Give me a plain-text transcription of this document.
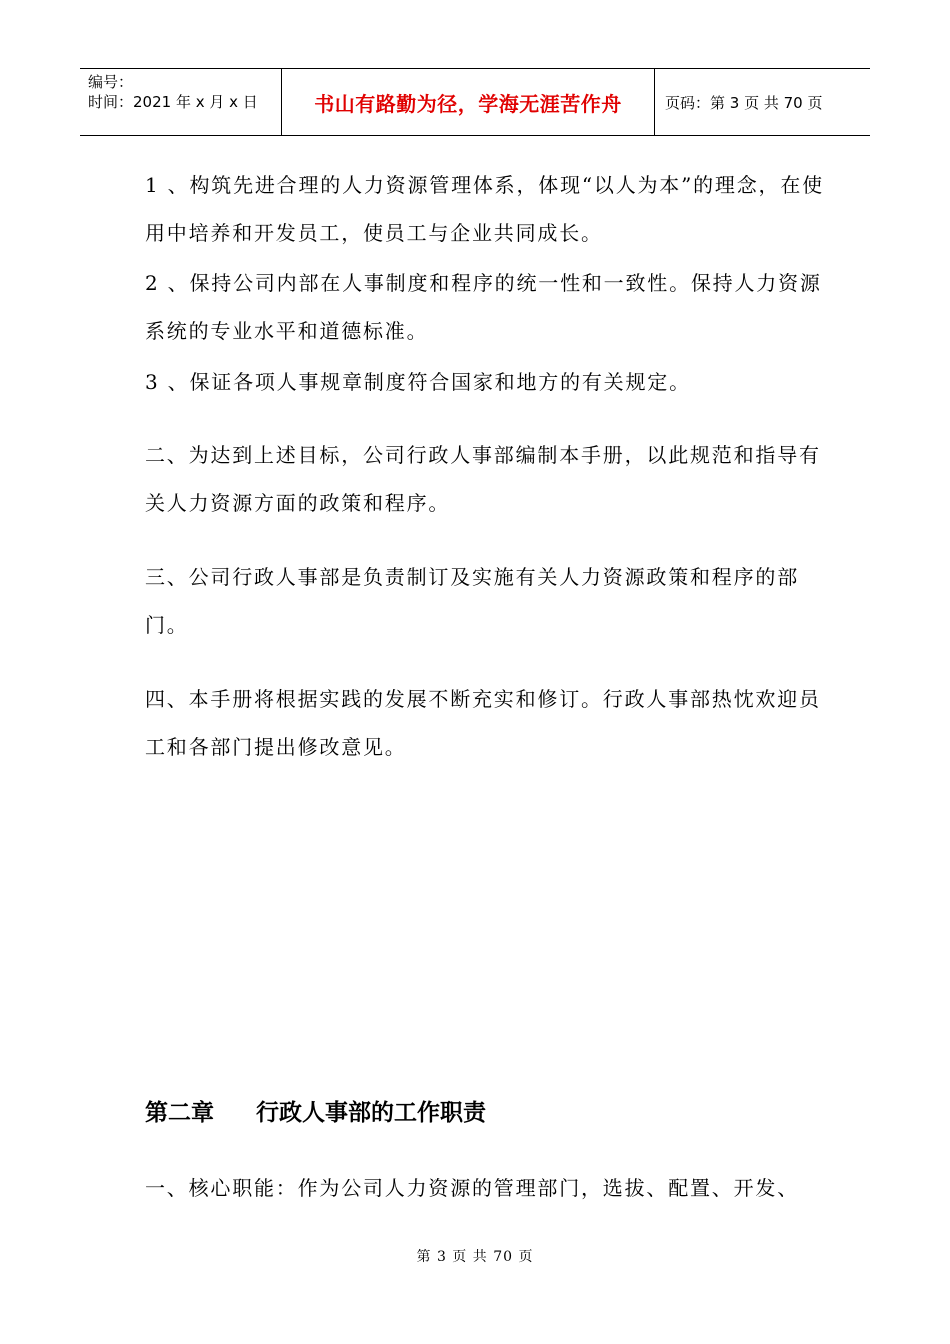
编号：
时间：2021 年 x 月 x 日	书山有路勤为径，学海无涯苦作舟	页码：第 3 页 共 70 页

1 、构筑先进合理的人力资源管理体系，体现“以人为本”的理念，在使用中培养和开发员工，使员工与企业共同成长。

2 、保持公司内部在人事制度和程序的统一性和一致性。保持人力资源系统的专业水平和道德标准。

3 、保证各项人事规章制度符合国家和地方的有关规定。

二、为达到上述目标，公司行政人事部编制本手册，以此规范和指导有关人力资源方面的政策和程序。

三、公司行政人事部是负责制订及实施有关人力资源政策和程序的部门。

四、本手册将根据实践的发展不断充实和修订。行政人事部热忱欢迎员工和各部门提出修改意见。

第二章 行政人事部的工作职责

一、核心职能：作为公司人力资源的管理部门，选拔、配置、开发、

第 3 页 共 70 页
